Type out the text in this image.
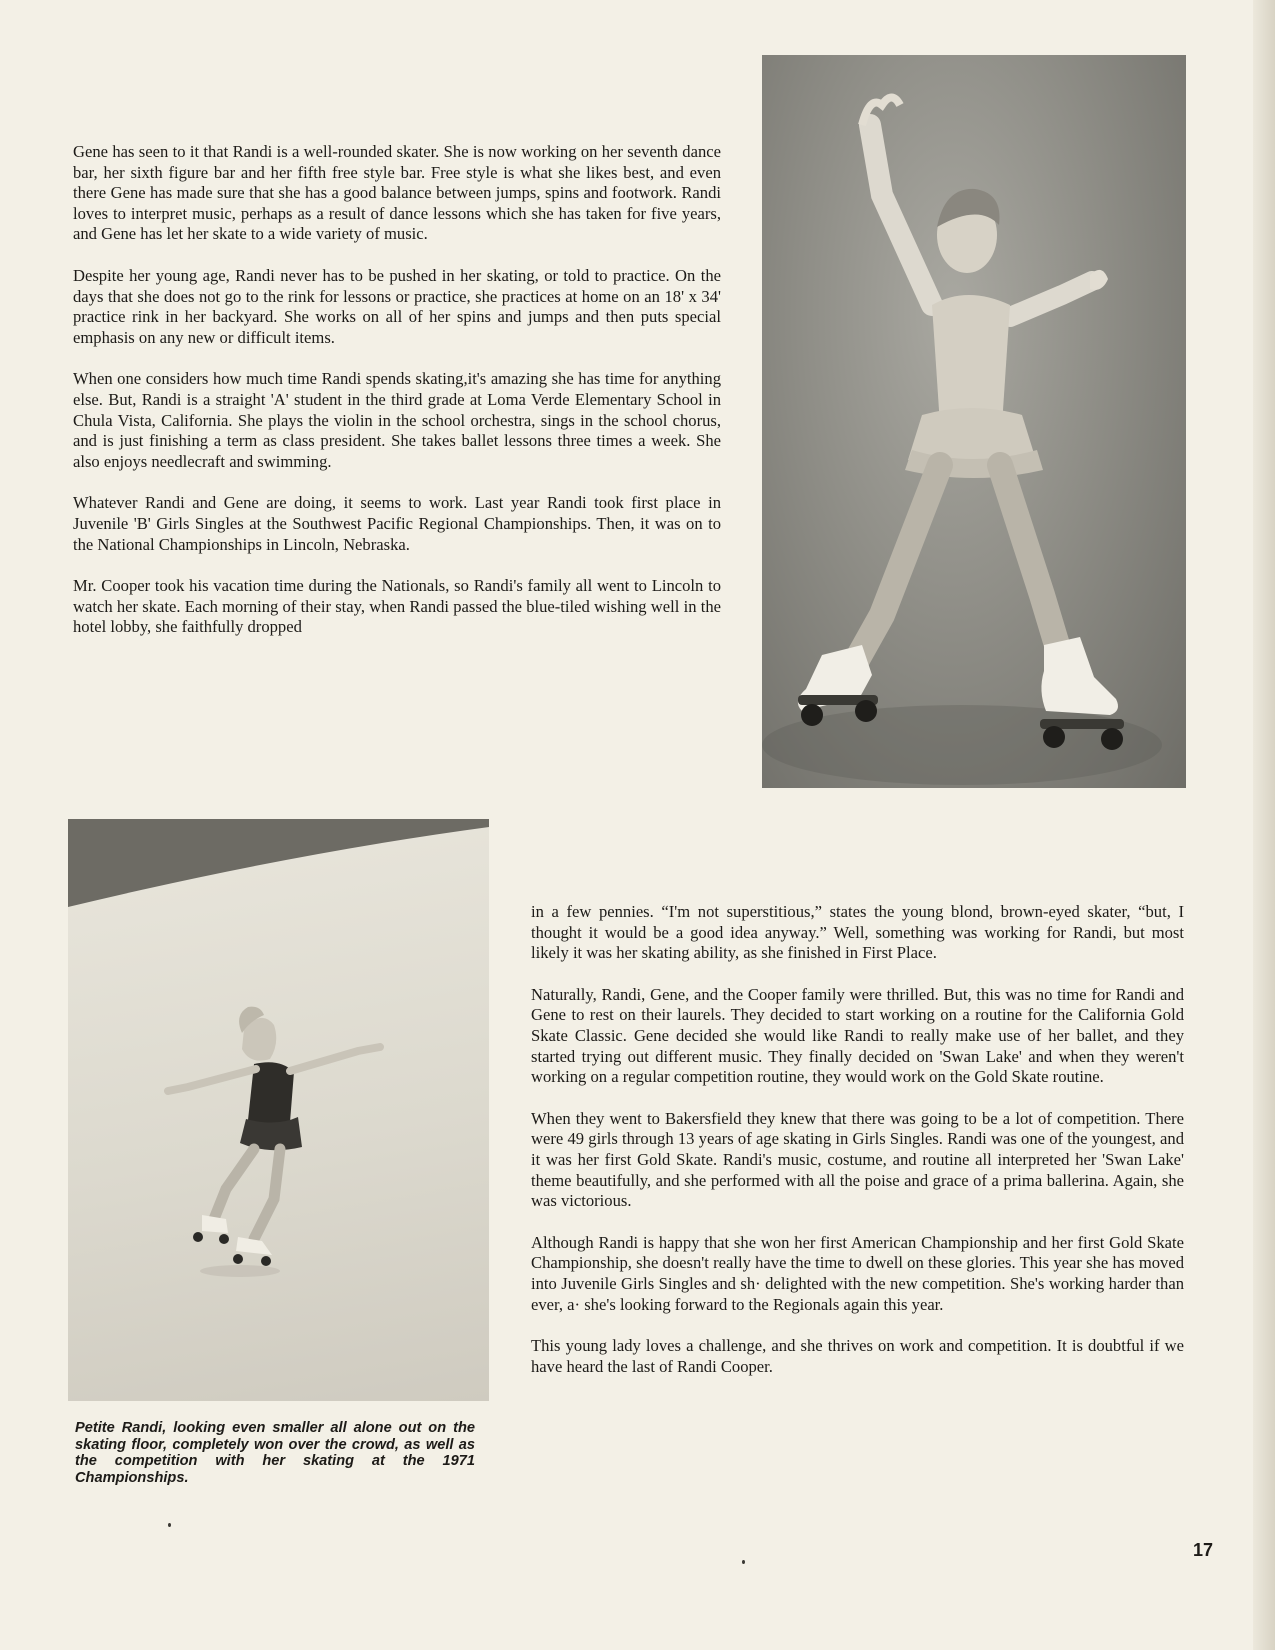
Gene has seen to it that Randi is a well-rounded skater. She is now working on her seventh dance bar, her sixth figure bar and her fifth free style bar. Free style is what she likes best, and even there Gene has made sure that she has a good balance between jumps, spins and footwork. Randi loves to interpret music, perhaps as a result of dance lessons which she has taken for five years, and Gene has let her skate to a wide variety of music.

Despite her young age, Randi never has to be pushed in her skating, or told to practice. On the days that she does not go to the rink for lessons or practice, she practices at home on an 18' x 34' practice rink in her backyard. She works on all of her spins and jumps and then puts special emphasis on any new or difficult items.

When one considers how much time Randi spends skating,it's amazing she has time for anything else. But, Randi is a straight 'A' student in the third grade at Loma Verde Elementary School in Chula Vista, California. She plays the violin in the school orchestra, sings in the school chorus, and is just finishing a term as class president. She takes ballet lessons three times a week. She also enjoys needlecraft and swimming.

Whatever Randi and Gene are doing, it seems to work. Last year Randi took first place in Juvenile 'B' Girls Singles at the Southwest Pacific Regional Championships. Then, it was on to the National Championships in Lincoln, Nebraska.

Mr. Cooper took his vacation time during the Nationals, so Randi's family all went to Lincoln to watch her skate. Each morning of their stay, when Randi passed the blue-tiled wishing well in the hotel lobby, she faithfully dropped

Petite Randi, looking even smaller all alone out on the skating floor, completely won over the crowd, as well as the competition with her skating at the 1971 Championships.

in a few pennies. “I'm not superstitious,” states the young blond, brown-eyed skater, “but, I thought it would be a good idea anyway.” Well, something was working for Randi, but most likely it was her skating ability, as she finished in First Place.

Naturally, Randi, Gene, and the Cooper family were thrilled. But, this was no time for Randi and Gene to rest on their laurels. They decided to start working on a routine for the California Gold Skate Classic. Gene decided she would like Randi to really make use of her ballet, and they started trying out different music. They finally decided on 'Swan Lake' and when they weren't working on a regular competition routine, they would work on the Gold Skate routine.

When they went to Bakersfield they knew that there was going to be a lot of competition. There were 49 girls through 13 years of age skating in Girls Singles. Randi was one of the youngest, and it was her first Gold Skate. Randi's music, costume, and routine all interpreted her 'Swan Lake' theme beautifully, and she performed with all the poise and grace of a prima ballerina. Again, she was victorious.

Although Randi is happy that she won her first American Championship and her first Gold Skate Championship, she doesn't really have the time to dwell on these glories. This year she has moved into Juvenile Girls Singles and sh· delighted with the new competition. She's working harder than ever, a· she's looking forward to the Regionals again this year.

This young lady loves a challenge, and she thrives on work and competition. It is doubtful if we have heard the last of Randi Cooper.

17
